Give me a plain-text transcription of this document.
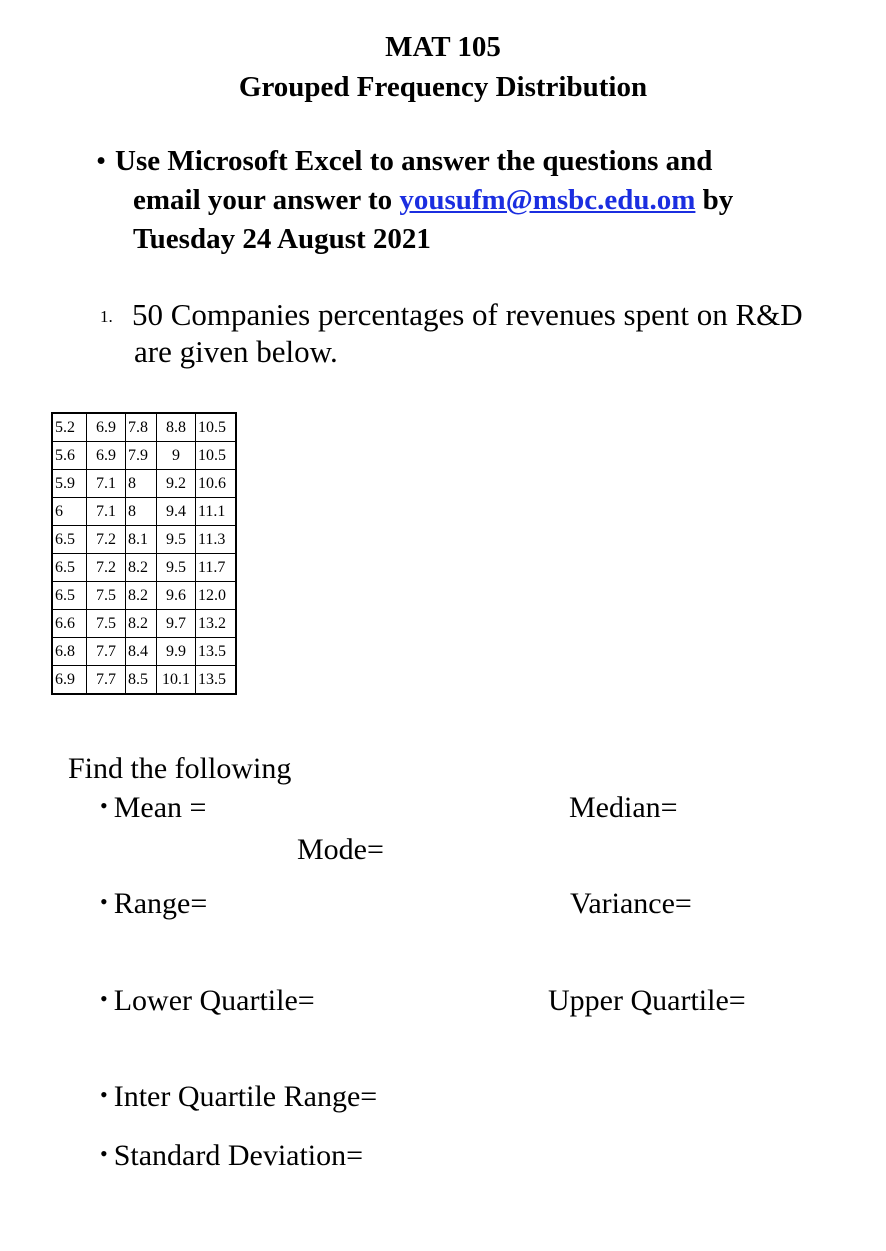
MAT 105
Grouped Frequency Distribution
• Use Microsoft Excel to answer the questions and
email your answer to yousufm@msbc.edu.om by
Tuesday 24 August 2021
1. 50 Companies percentages of revenues spent on R&D
are given below.
5.2	6.9	7.8	8.8	10.5
5.6	6.9	7.9	9	10.5
5.9	7.1	8	9.2	10.6
6	7.1	8	9.4	11.1
6.5	7.2	8.1	9.5	11.3
6.5	7.2	8.2	9.5	11.7
6.5	7.5	8.2	9.6	12.0
6.6	7.5	8.2	9.7	13.2
6.8	7.7	8.4	9.9	13.5
6.9	7.7	8.5	10.1	13.5
Find the following
• Mean =	Median=
Mode=
• Range=	Variance=
• Lower Quartile=	Upper Quartile=
• Inter Quartile Range=
• Standard Deviation=
